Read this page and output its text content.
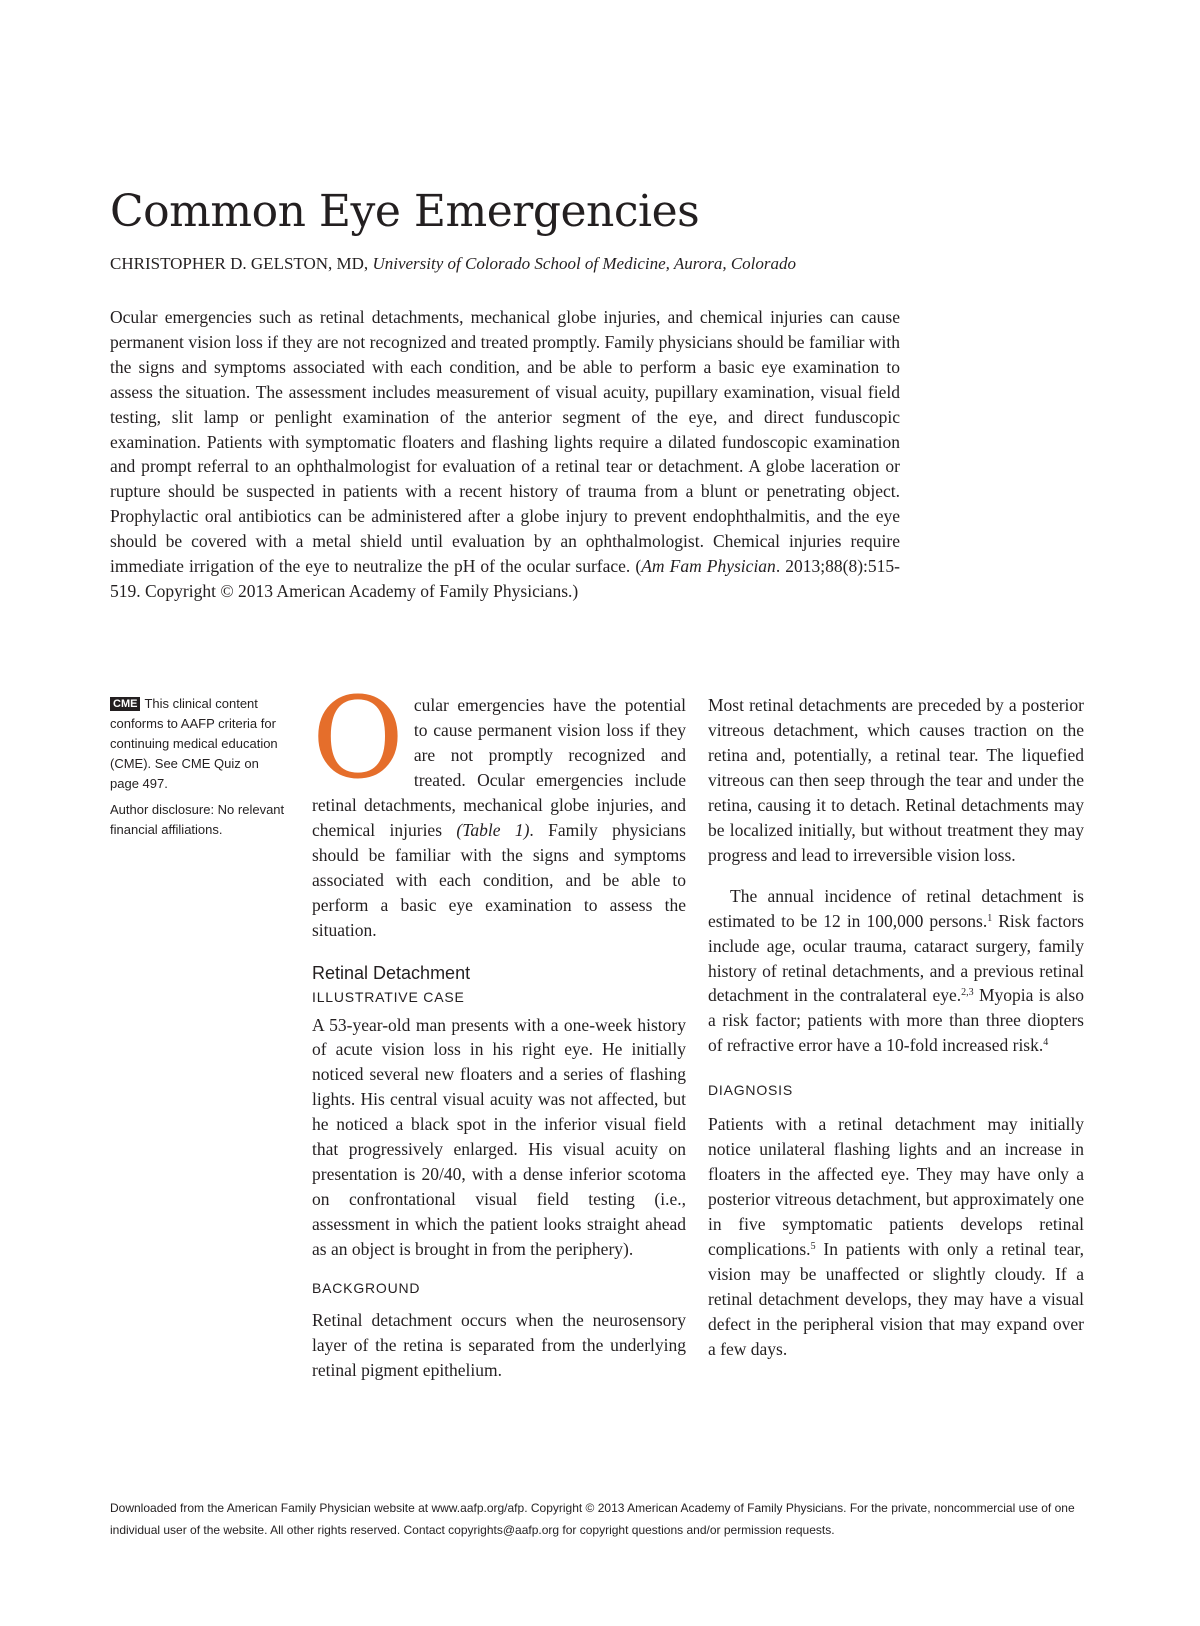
Common Eye Emergencies
CHRISTOPHER D. GELSTON, MD, University of Colorado School of Medicine, Aurora, Colorado

Ocular emergencies such as retinal detachments, mechanical globe injuries, and chemical injuries can cause permanent vision loss if they are not recognized and treated promptly. Family physicians should be familiar with the signs and symptoms associated with each condition, and be able to perform a basic eye examination to assess the situation. The assessment includes measurement of visual acuity, pupillary examination, visual field testing, slit lamp or penlight examination of the anterior segment of the eye, and direct funduscopic examination. Patients with symptomatic floaters and flashing lights require a dilated fundoscopic examination and prompt referral to an ophthalmologist for evaluation of a retinal tear or detachment. A globe laceration or rupture should be suspected in patients with a recent history of trauma from a blunt or penetrating object. Prophylactic oral antibiotics can be administered after a globe injury to prevent endophthalmitis, and the eye should be covered with a metal shield until evaluation by an ophthalmologist. Chemical injuries require immediate irrigation of the eye to neutralize the pH of the ocular surface. (Am Fam Physician. 2013;88(8):515-519. Copyright © 2013 American Academy of Family Physicians.)

CME This clinical content conforms to AAFP criteria for continuing medical education (CME). See CME Quiz on page 497.

Author disclosure: No relevant financial affiliations.

Ocular emergencies have the potential to cause permanent vision loss if they are not promptly recognized and treated. Ocular emergencies include retinal detachments, mechanical globe injuries, and chemical injuries (Table 1). Family physicians should be familiar with the signs and symptoms associated with each condition, and be able to perform a basic eye examination to assess the situation.

Retinal Detachment
ILLUSTRATIVE CASE

A 53-year-old man presents with a one-week history of acute vision loss in his right eye. He initially noticed several new floaters and a series of flashing lights. His central visual acuity was not affected, but he noticed a black spot in the inferior visual field that progressively enlarged. His visual acuity on presentation is 20/40, with a dense inferior scotoma on confrontational visual field testing (i.e., assessment in which the patient looks straight ahead as an object is brought in from the periphery).

BACKGROUND

Retinal detachment occurs when the neurosensory layer of the retina is separated from the underlying retinal pigment epithelium.

Most retinal detachments are preceded by a posterior vitreous detachment, which causes traction on the retina and, potentially, a retinal tear. The liquefied vitreous can then seep through the tear and under the retina, causing it to detach. Retinal detachments may be localized initially, but without treatment they may progress and lead to irreversible vision loss.

The annual incidence of retinal detachment is estimated to be 12 in 100,000 persons.$^1$ Risk factors include age, ocular trauma, cataract surgery, family history of retinal detachments, and a previous retinal detachment in the contralateral eye.$^{2,3}$ Myopia is also a risk factor; patients with more than three diopters of refractive error have a 10-fold increased risk.$^4$

DIAGNOSIS

Patients with a retinal detachment may initially notice unilateral flashing lights and an increase in floaters in the affected eye. They may have only a posterior vitreous detachment, but approximately one in five symptomatic patients develops retinal complications.$^5$ In patients with only a retinal tear, vision may be unaffected or slightly cloudy. If a retinal detachment develops, they may have a visual defect in the peripheral vision that may expand over a few days.

Downloaded from the American Family Physician website at www.aafp.org/afp. Copyright © 2013 American Academy of Family Physicians. For the private, noncommercial use of one individual user of the website. All other rights reserved. Contact copyrights@aafp.org for copyright questions and/or permission requests.
